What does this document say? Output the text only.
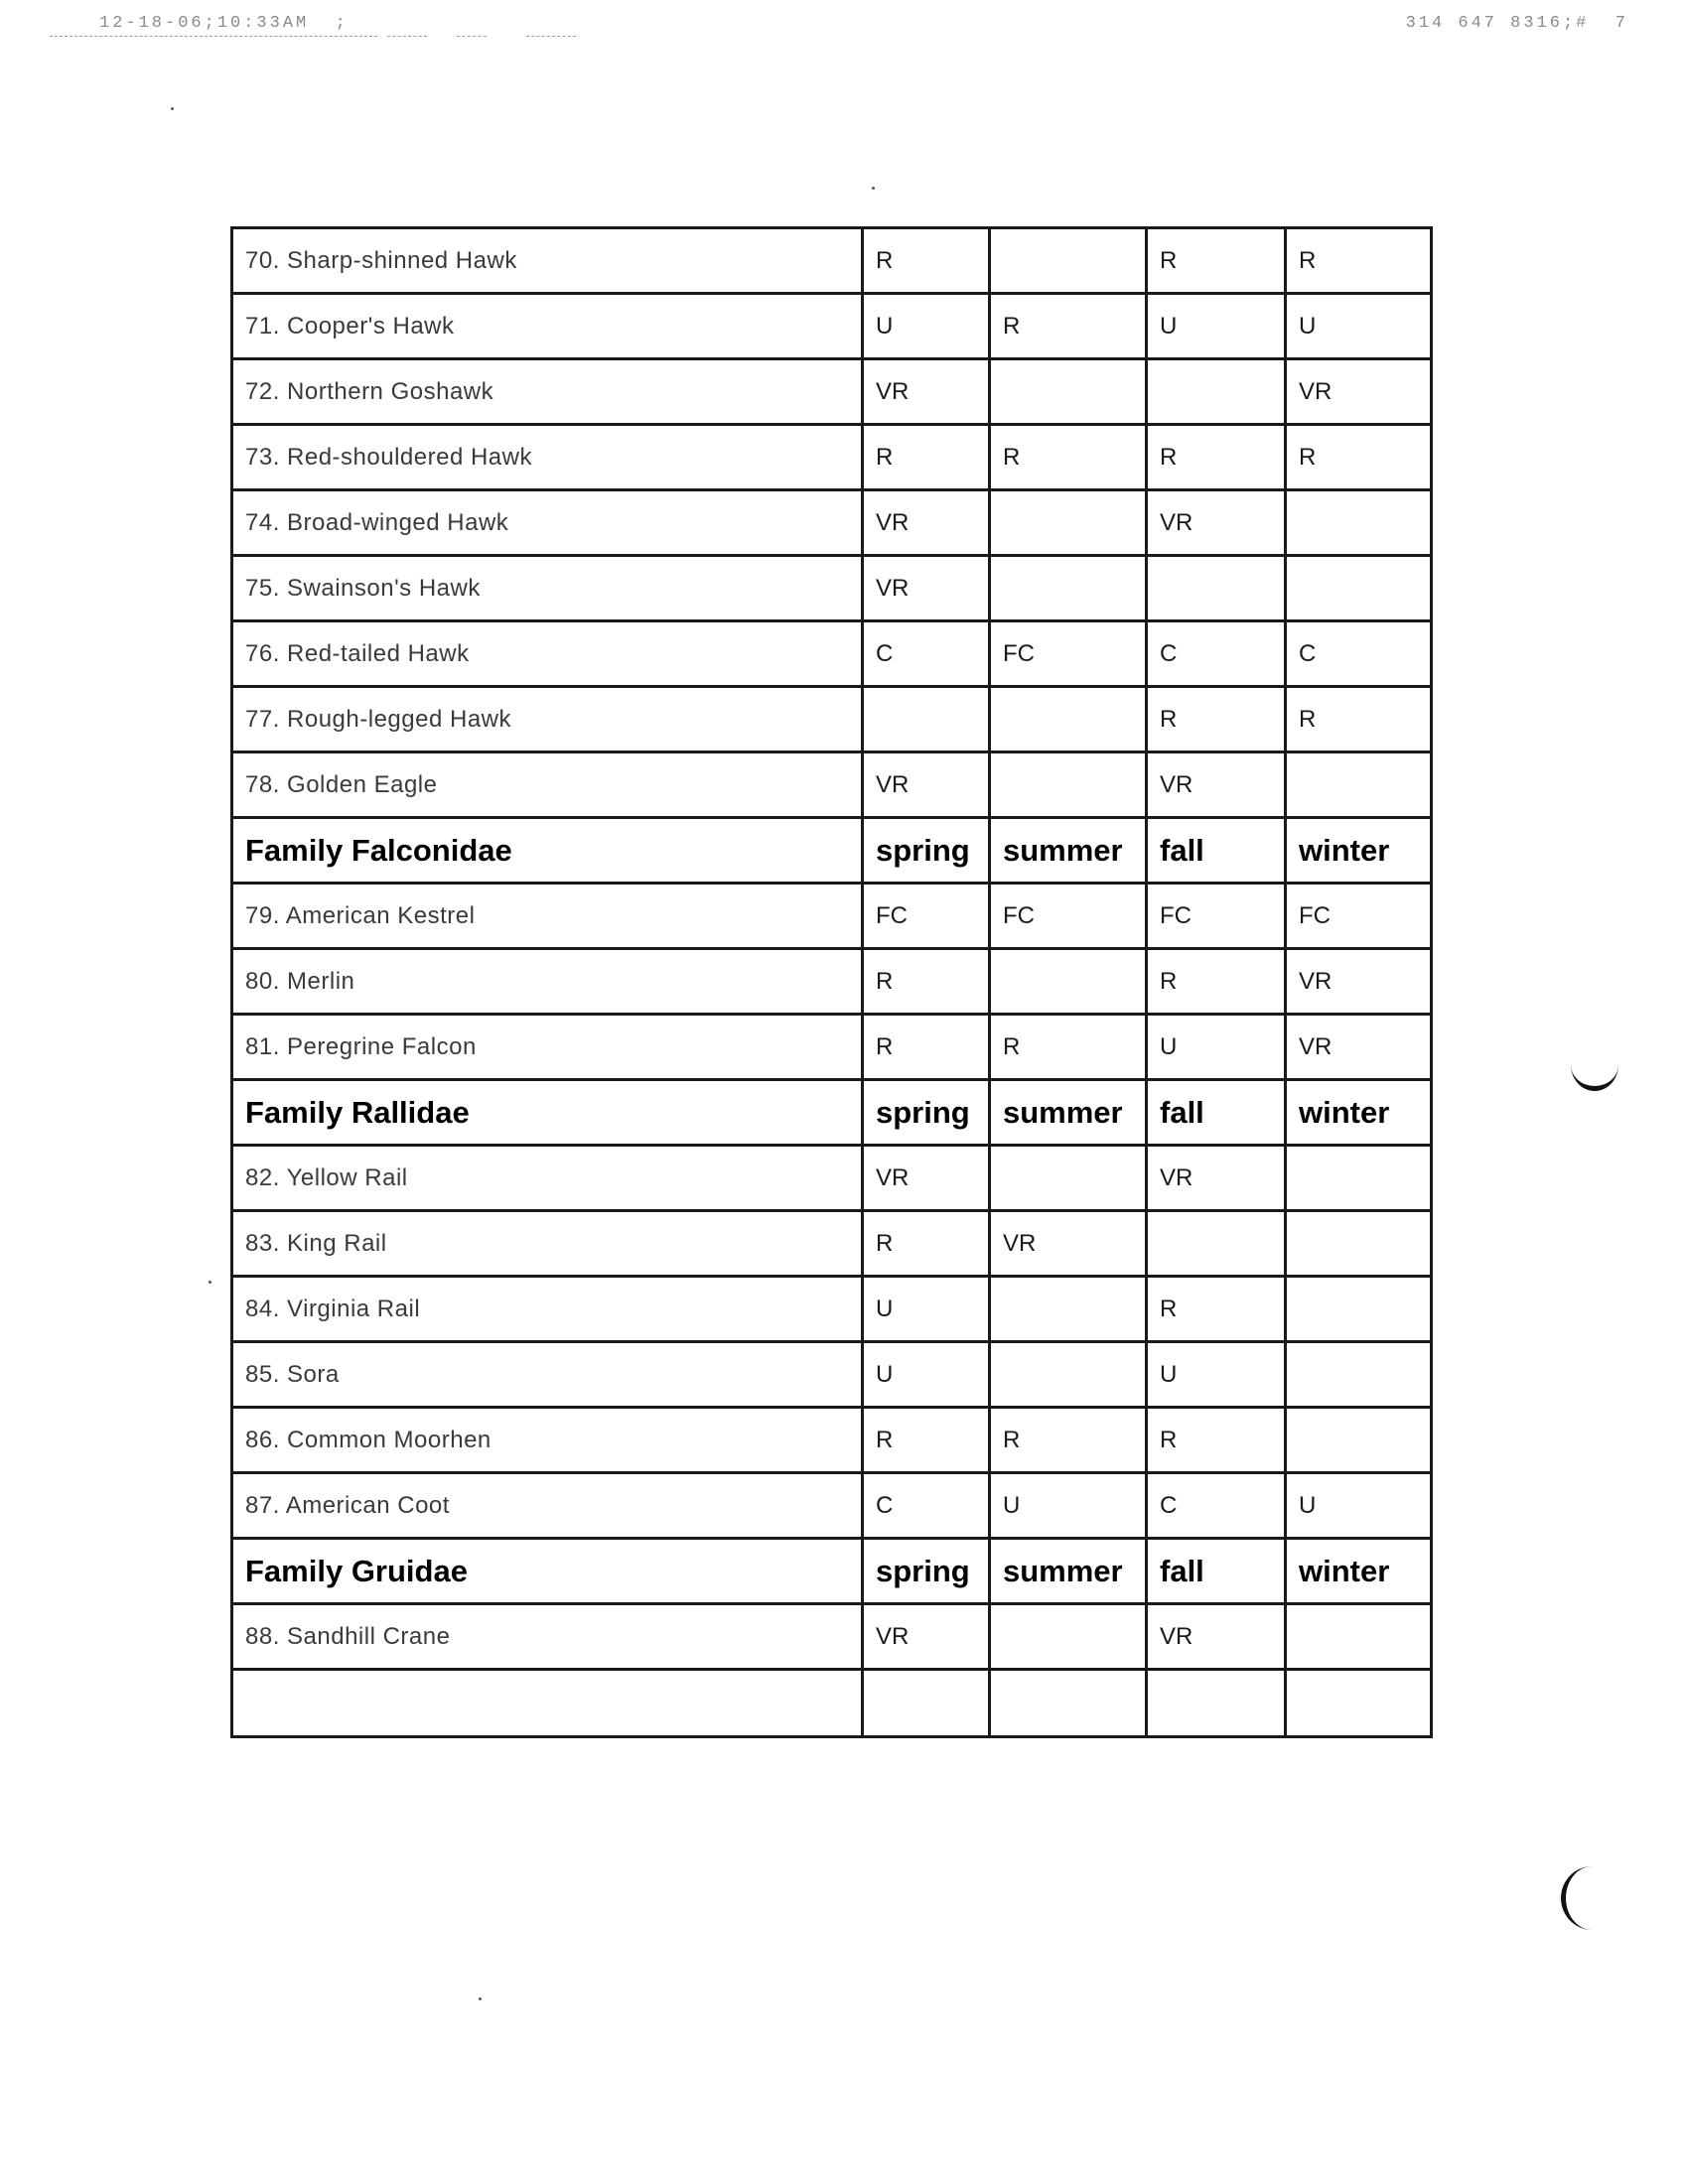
12-18-06;10:33AM  ;	314 647 8316;#  7
70. Sharp-shinned Hawk	R		R	R
71. Cooper's Hawk	U	R	U	U
72. Northern Goshawk	VR			VR
73. Red-shouldered Hawk	R	R	R	R
74. Broad-winged Hawk	VR		VR	
75. Swainson's Hawk	VR			
76. Red-tailed Hawk	C	FC	C	C
77. Rough-legged Hawk			R	R
78. Golden Eagle	VR		VR	
Family Falconidae	spring	summer	fall	winter
79. American Kestrel	FC	FC	FC	FC
80. Merlin	R		R	VR
81. Peregrine Falcon	R	R	U	VR
Family Rallidae	spring	summer	fall	winter
82. Yellow Rail	VR		VR	
83. King Rail	R	VR		
84. Virginia Rail	U		R	
85. Sora	U		U	
86. Common Moorhen	R	R	R	
87. American Coot	C	U	C	U
Family Gruidae	spring	summer	fall	winter
88. Sandhill Crane	VR		VR	
